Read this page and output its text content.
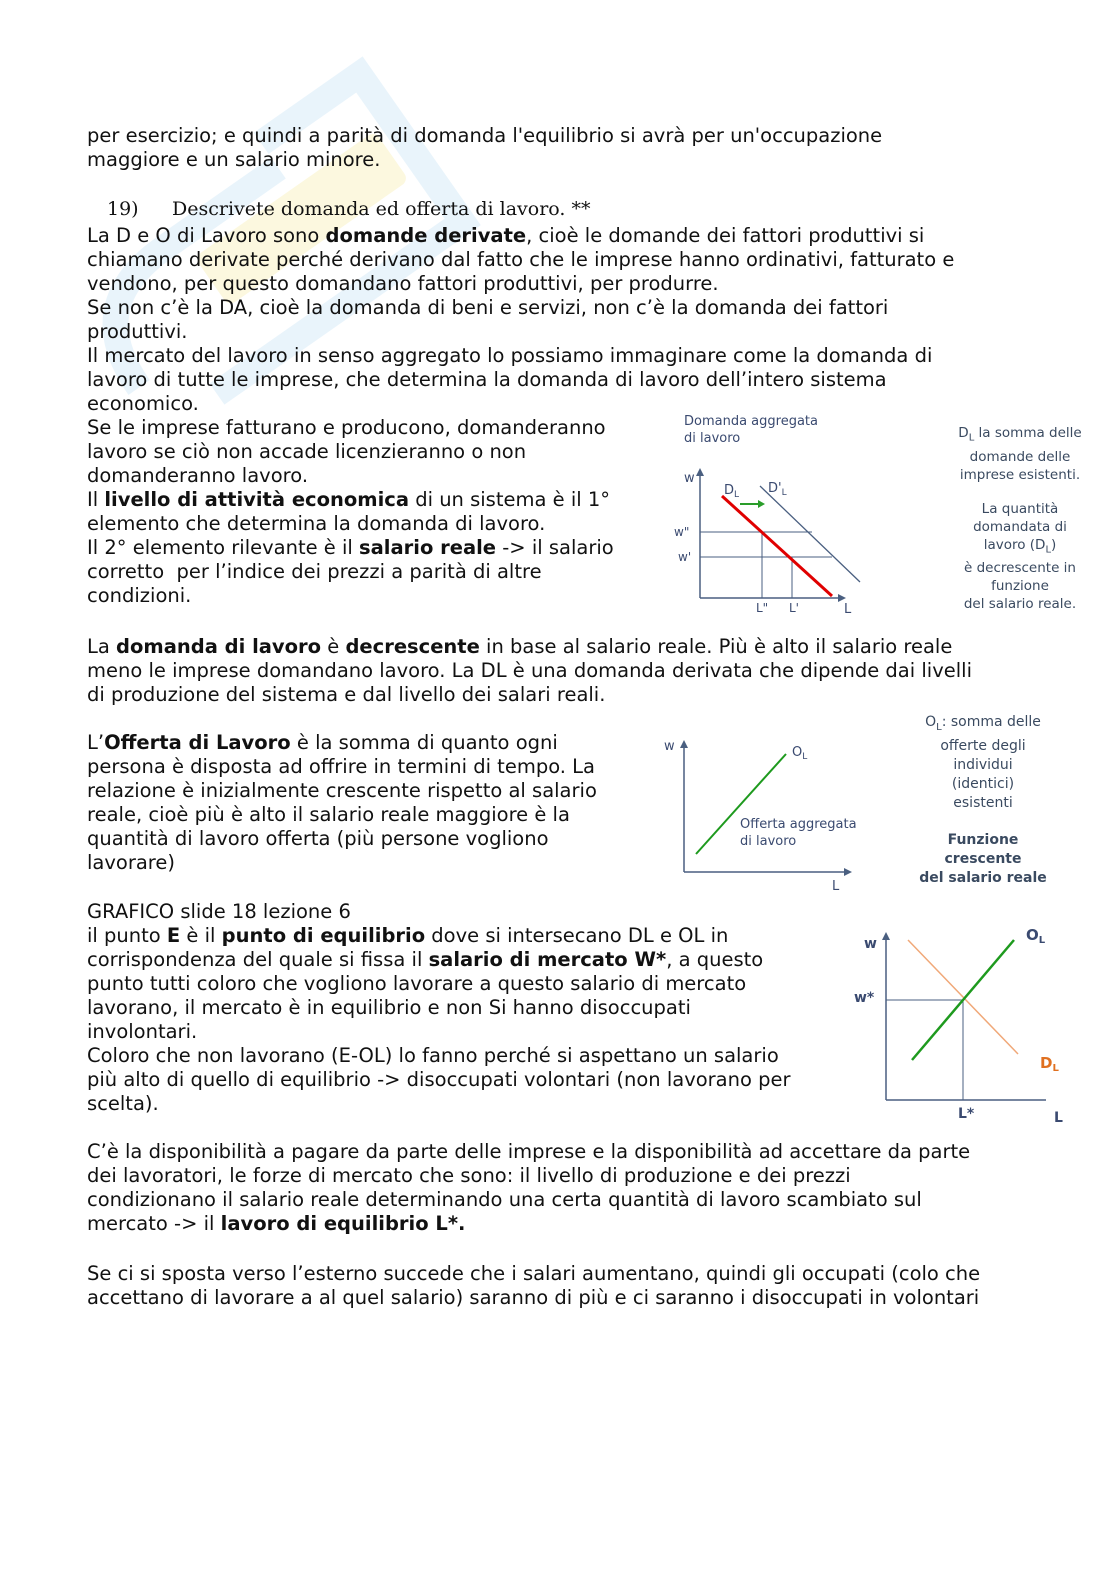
per esercizio; e quindi a parità di domanda l'equilibrio si avrà per un'occupazione

maggiore e un salario minore.

19) Descrivete domanda ed offerta di lavoro. **

La D e O di Lavoro sono domande derivate, cioè le domande dei fattori produttivi si

chiamano derivate perché derivano dal fatto che le imprese hanno ordinativi, fatturato e

vendono, per questo domandano fattori produttivi, per produrre.

Se non c’è la DA, cioè la domanda di beni e servizi, non c’è la domanda dei fattori

produttivi.

Il mercato del lavoro in senso aggregato lo possiamo immaginare come la domanda di

lavoro di tutte le imprese, che determina la domanda di lavoro dell’intero sistema

economico.

Se le imprese fatturano e producono, domanderanno

lavoro se ciò non accade licenzieranno o non

domanderanno lavoro.

Il livello di attività economica di un sistema è il 1°

elemento che determina la domanda di lavoro.

Il 2° elemento rilevante è il salario reale -> il salario

corretto  per l’indice dei prezzi a parità di altre

condizioni.

Domanda aggregata
di lavoro
w
L
$D_L$ $D'_L$
w"
w'
L" L'
$D_L$ la somma delle
domande delle
imprese esistenti.
La quantità
domandata di
lavoro $(D_L)$
è decrescente in
funzione
del salario reale.

La domanda di lavoro è decrescente in base al salario reale. Più è alto il salario reale

meno le imprese domandano lavoro. La DL è una domanda derivata che dipende dai livelli

di produzione del sistema e dal livello dei salari reali.

L’Offerta di Lavoro è la somma di quanto ogni

persona è disposta ad offrire in termini di tempo. La

relazione è inizialmente crescente rispetto al salario

reale, cioè più è alto il salario reale maggiore è la

quantità di lavoro offerta (più persone vogliono

lavorare)

w
L
$O_L$
Offerta aggregata
di lavoro
$O_L$: somma delle
offerte degli
individui
(identici)
esistenti
Funzione
crescente
del salario reale

GRAFICO slide 18 lezione 6

il punto E è il punto di equilibrio dove si intersecano DL e OL in

corrispondenza del quale si fissa il salario di mercato W*, a questo

punto tutti coloro che vogliono lavorare a questo salario di mercato

lavorano, il mercato è in equilibrio e non Si hanno disoccupati

involontari.

Coloro che non lavorano (E-OL) lo fanno perché si aspettano un salario

più alto di quello di equilibrio -> disoccupati volontari (non lavorano per

scelta).

w
L
$O_L$
$D_L$
w*
L*

C’è la disponibilità a pagare da parte delle imprese e la disponibilità ad accettare da parte

dei lavoratori, le forze di mercato che sono: il livello di produzione e dei prezzi

condizionano il salario reale determinando una certa quantità di lavoro scambiato sul

mercato -> il lavoro di equilibrio L*.

Se ci si sposta verso l’esterno succede che i salari aumentano, quindi gli occupati (colo che

accettano di lavorare a al quel salario) saranno di più e ci saranno i disoccupati in volontari
